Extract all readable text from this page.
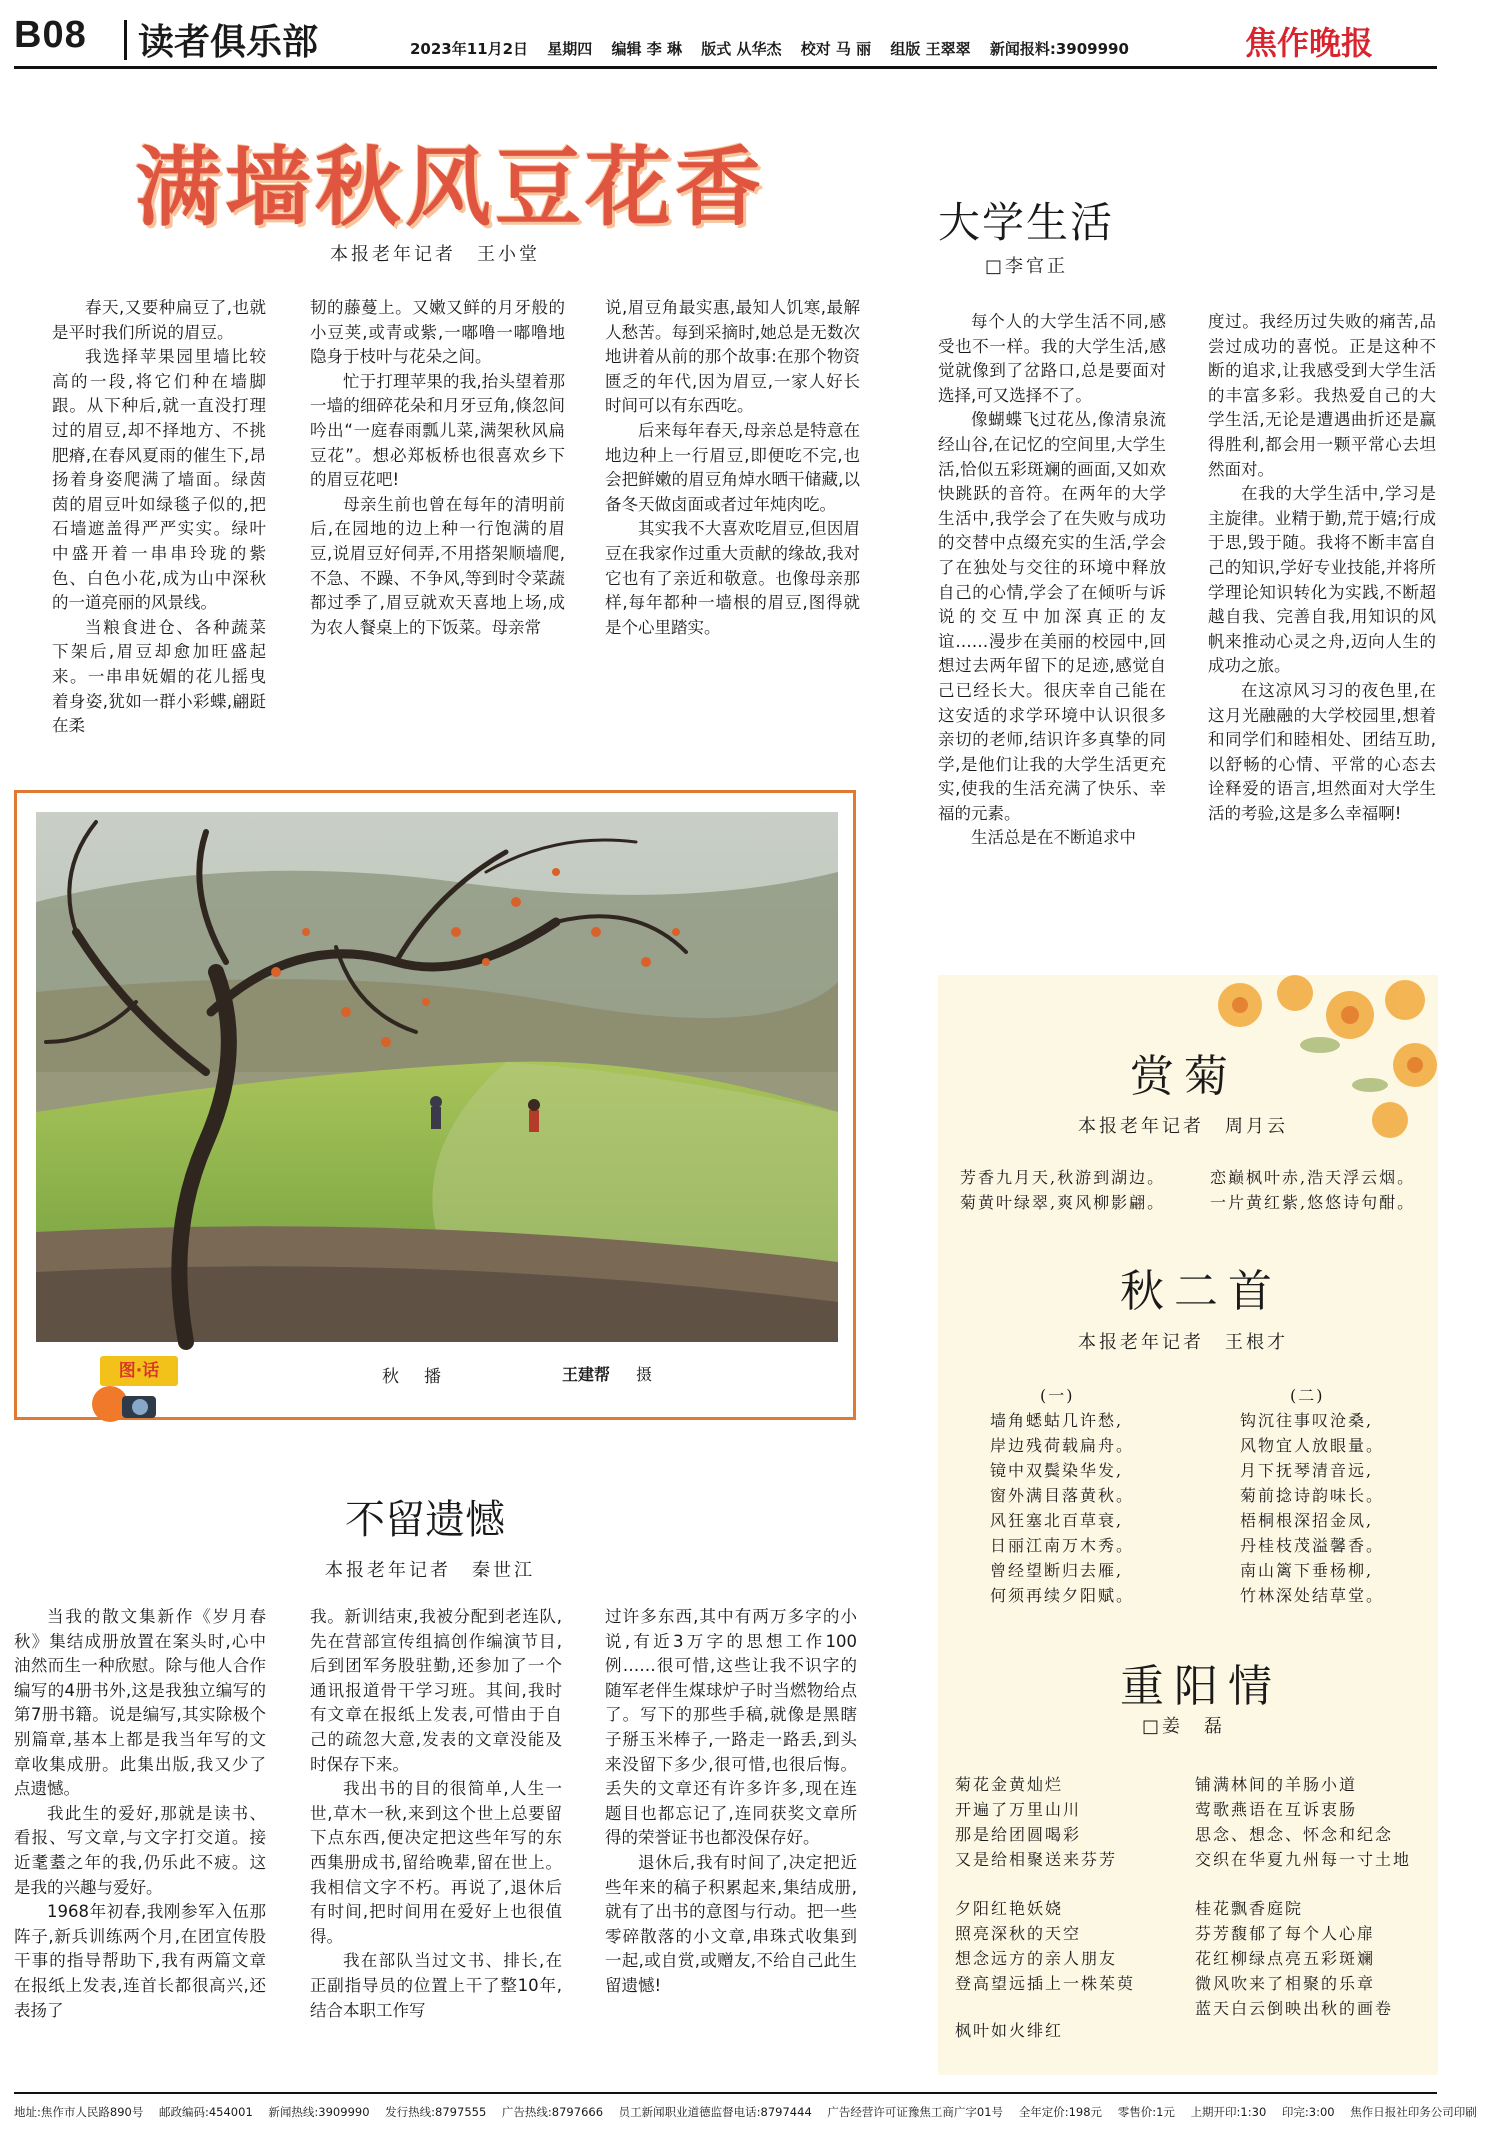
B08 读者俱乐部	2023年11月2日 星期四 编辑 李 琳 版式 从华杰 校对 马 丽 组版 王翠翠 新闻报料:3909990	焦作晚报
满墙秋风豆花香
本报老年记者　王小堂

春天,又要种扁豆了,也就是平时我们所说的眉豆。

我选择苹果园里墙比较高的一段,将它们种在墙脚跟。从下种后,就一直没打理过的眉豆,却不择地方、不挑肥瘠,在春风夏雨的催生下,昂扬着身姿爬满了墙面。绿茵茵的眉豆叶如绿毯子似的,把石墙遮盖得严严实实。绿叶中盛开着一串串玲珑的紫色、白色小花,成为山中深秋的一道亮丽的风景线。

当粮食进仓、各种蔬菜下架后,眉豆却愈加旺盛起来。一串串妩媚的花儿摇曳着身姿,犹如一群小彩蝶,翩跹在柔

韧的藤蔓上。又嫩又鲜的月牙般的小豆荚,或青或紫,一嘟噜一嘟噜地隐身于枝叶与花朵之间。

忙于打理苹果的我,抬头望着那一墙的细碎花朵和月牙豆角,倏忽间吟出“一庭春雨瓢儿菜,满架秋风扁豆花”。想必郑板桥也很喜欢乡下的眉豆花吧!

母亲生前也曾在每年的清明前后,在园地的边上种一行饱满的眉豆,说眉豆好伺弄,不用搭架顺墙爬,不急、不躁、不争风,等到时令菜蔬都过季了,眉豆就欢天喜地上场,成为农人餐桌上的下饭菜。母亲常

说,眉豆角最实惠,最知人饥寒,最解人愁苦。每到采摘时,她总是无数次地讲着从前的那个故事:在那个物资匮乏的年代,因为眉豆,一家人好长时间可以有东西吃。

后来每年春天,母亲总是特意在地边种上一行眉豆,即便吃不完,也会把鲜嫩的眉豆角焯水晒干储藏,以备冬天做卤面或者过年炖肉吃。

其实我不大喜欢吃眉豆,但因眉豆在我家作过重大贡献的缘故,我对它也有了亲近和敬意。也像母亲那样,每年都种一墙根的眉豆,图得就是个心里踏实。

大学生活
□李官正

每个人的大学生活不同,感受也不一样。我的大学生活,感觉就像到了岔路口,总是要面对选择,可又选择不了。

像蝴蝶飞过花丛,像清泉流经山谷,在记忆的空间里,大学生活,恰似五彩斑斓的画面,又如欢快跳跃的音符。在两年的大学生活中,我学会了在失败与成功的交替中点缀充实的生活,学会了在独处与交往的环境中释放自己的心情,学会了在倾听与诉说的交互中加深真正的友谊……漫步在美丽的校园中,回想过去两年留下的足迹,感觉自己已经长大。很庆幸自己能在这安适的求学环境中认识很多亲切的老师,结识许多真挚的同学,是他们让我的大学生活更充实,使我的生活充满了快乐、幸福的元素。

生活总是在不断追求中

度过。我经历过失败的痛苦,品尝过成功的喜悦。正是这种不断的追求,让我感受到大学生活的丰富多彩。我热爱自己的大学生活,无论是遭遇曲折还是赢得胜利,都会用一颗平常心去坦然面对。

在我的大学生活中,学习是主旋律。业精于勤,荒于嬉;行成于思,毁于随。我将不断丰富自己的知识,学好专业技能,并将所学理论知识转化为实践,不断超越自我、完善自我,用知识的风帆来推动心灵之舟,迈向人生的成功之旅。

在这凉风习习的夜色里,在这月光融融的大学校园里,想着和同学们和睦相处、团结互助,以舒畅的心情、平常的心态去诠释爱的语言,坦然面对大学生活的考验,这是多么幸福啊!

图·话	秋　播	王建帮 摄
不留遗憾
本报老年记者　秦世江

当我的散文集新作《岁月春秋》集结成册放置在案头时,心中油然而生一种欣慰。除与他人合作编写的4册书外,这是我独立编写的第7册书籍。说是编写,其实除极个别篇章,基本上都是我当年写的文章收集成册。此集出版,我又少了点遗憾。

我此生的爱好,那就是读书、看报、写文章,与文字打交道。接近耄耋之年的我,仍乐此不疲。这是我的兴趣与爱好。

1968年初春,我刚参军入伍那阵子,新兵训练两个月,在团宣传股干事的指导帮助下,我有两篇文章在报纸上发表,连首长都很高兴,还表扬了

我。新训结束,我被分配到老连队,先在营部宣传组搞创作编演节目,后到团军务股驻勤,还参加了一个通讯报道骨干学习班。其间,我时有文章在报纸上发表,可惜由于自己的疏忽大意,发表的文章没能及时保存下来。

我出书的目的很简单,人生一世,草木一秋,来到这个世上总要留下点东西,便决定把这些年写的东西集册成书,留给晚辈,留在世上。我相信文字不朽。再说了,退休后有时间,把时间用在爱好上也很值得。

我在部队当过文书、排长,在正副指导员的位置上干了整10年,结合本职工作写

过许多东西,其中有两万多字的小说,有近3万字的思想工作100例……很可惜,这些让我不识字的随军老伴生煤球炉子时当燃物给点了。写下的那些手稿,就像是黑瞎子掰玉米棒子,一路走一路丢,到头来没留下多少,很可惜,也很后悔。丢失的文章还有许多许多,现在连题目也都忘记了,连同获奖文章所得的荣誉证书也都没保存好。

退休后,我有时间了,决定把近些年来的稿子积累起来,集结成册,就有了出书的意图与行动。把一些零碎散落的小文章,串珠式收集到一起,或自赏,或赠友,不给自己此生留遗憾!

赏菊
本报老年记者　周月云
芳香九月天,秋游到湖边。
菊黄叶绿翠,爽风柳影翩。
恋巅枫叶赤,浩天浮云烟。
一片黄红紫,悠悠诗句酣。
秋二首
本报老年记者　王根才
(一)
墙角蟋蛄几许愁,
岸边残荷载扁舟。
镜中双鬓染华发,
窗外满目落黄秋。
风狂塞北百草衰,
日丽江南万木秀。
曾经望断归去雁,
何须再续夕阳赋。
(二)
钩沉往事叹沧桑,
风物宜人放眼量。
月下抚琴清音远,
菊前捻诗韵味长。
梧桐根深招金凤,
丹桂枝茂溢馨香。
南山篱下垂杨柳,
竹林深处结草堂。
重阳情
□姜　磊
菊花金黄灿烂
开遍了万里山川
那是给团圆喝彩
又是给相聚送来芬芳
铺满林间的羊肠小道
莺歌燕语在互诉衷肠
思念、想念、怀念和纪念
交织在华夏九州每一寸土地
夕阳红艳妖娆
照亮深秋的天空
想念远方的亲人朋友
登高望远插上一株茱萸
桂花飘香庭院
芬芳馥郁了每个人心扉
花红柳绿点亮五彩斑斓
微风吹来了相聚的乐章
蓝天白云倒映出秋的画卷
枫叶如火绯红
地址:焦作市人民路890号 邮政编码:454001 新闻热线:3909990 发行热线:8797555 广告热线:8797666 员工新闻职业道德监督电话:8797444 广告经营许可证豫焦工商广字01号 全年定价:198元 零售价:1元 上期开印:1:30 印完:3:00 焦作日报社印务公司印刷
